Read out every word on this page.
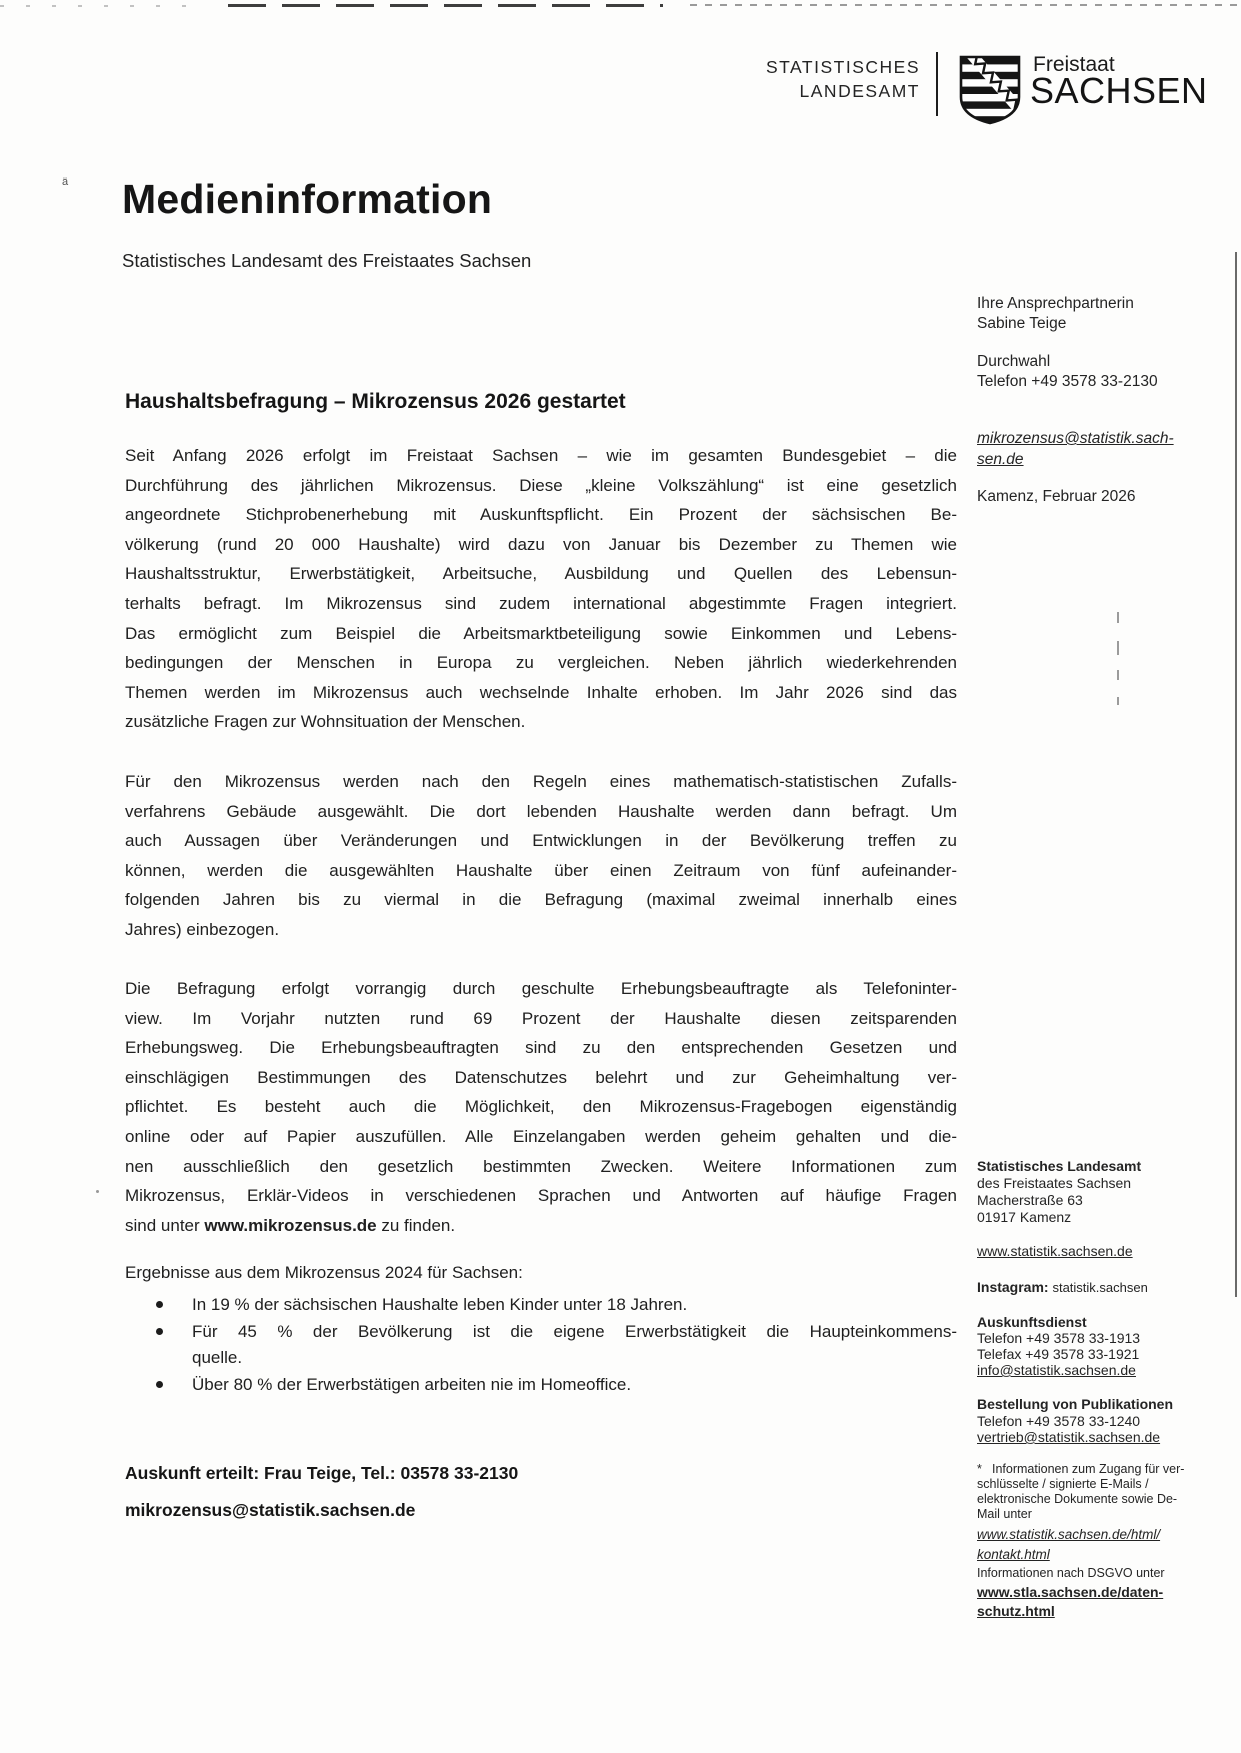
ä
STATISTISCHES
LANDESAMT
Freistaat
SACHSEN
Medieninformation
Statistisches Landesamt des Freistaates Sachsen
Ihre Ansprechpartnerin
Sabine Teige
Durchwahl
Telefon +49 3578 33-2130
mikrozensus@statistik.sach-
sen.de
Kamenz, Februar 2026
Haushaltsbefragung – Mikrozensus 2026 gestartet
Seit Anfang 2026 erfolgt im Freistaat Sachsen – wie im gesamten Bundesgebiet – die
Durchführung des jährlichen Mikrozensus. Diese „kleine Volkszählung“ ist eine gesetzlich
angeordnete Stichprobenerhebung mit Auskunftspflicht. Ein Prozent der sächsischen Be-
völkerung (rund 20 000 Haushalte) wird dazu von Januar bis Dezember zu Themen wie
Haushaltsstruktur, Erwerbstätigkeit, Arbeitsuche, Ausbildung und Quellen des Lebensun-
terhalts befragt. Im Mikrozensus sind zudem international abgestimmte Fragen integriert.
Das ermöglicht zum Beispiel die Arbeitsmarktbeteiligung sowie Einkommen und Lebens-
bedingungen der Menschen in Europa zu vergleichen. Neben jährlich wiederkehrenden
Themen werden im Mikrozensus auch wechselnde Inhalte erhoben. Im Jahr 2026 sind das
zusätzliche Fragen zur Wohnsituation der Menschen.
Für den Mikrozensus werden nach den Regeln eines mathematisch-statistischen Zufalls-
verfahrens Gebäude ausgewählt. Die dort lebenden Haushalte werden dann befragt. Um
auch Aussagen über Veränderungen und Entwicklungen in der Bevölkerung treffen zu
können, werden die ausgewählten Haushalte über einen Zeitraum von fünf aufeinander-
folgenden Jahren bis zu viermal in die Befragung (maximal zweimal innerhalb eines
Jahres) einbezogen.
Die Befragung erfolgt vorrangig durch geschulte Erhebungsbeauftragte als Telefoninter-
view. Im Vorjahr nutzten rund 69 Prozent der Haushalte diesen zeitsparenden
Erhebungsweg. Die Erhebungsbeauftragten sind zu den entsprechenden Gesetzen und
einschlägigen Bestimmungen des Datenschutzes belehrt und zur Geheimhaltung ver-
pflichtet. Es besteht auch die Möglichkeit, den Mikrozensus-Fragebogen eigenständig
online oder auf Papier auszufüllen. Alle Einzelangaben werden geheim gehalten und die-
nen ausschließlich den gesetzlich bestimmten Zwecken. Weitere Informationen zum
Mikrozensus, Erklär-Videos in verschiedenen Sprachen und Antworten auf häufige Fragen
sind unter www.mikrozensus.de zu finden.
Ergebnisse aus dem Mikrozensus 2024 für Sachsen:
In 19 % der sächsischen Haushalte leben Kinder unter 18 Jahren.
Für 45 % der Bevölkerung ist die eigene Erwerbstätigkeit die Haupteinkommens-
quelle.
Über 80 % der Erwerbstätigen arbeiten nie im Homeoffice.
Auskunft erteilt: Frau Teige, Tel.: 03578 33-2130
mikrozensus@statistik.sachsen.de
Statistisches Landesamt
des Freistaates Sachsen
Macherstraße 63
01917 Kamenz
www.statistik.sachsen.de
Instagram: statistik.sachsen
Auskunftsdienst
Telefon +49 3578 33-1913
Telefax +49 3578 33-1921
info@statistik.sachsen.de
Bestellung von Publikationen
Telefon +49 3578 33-1240
vertrieb@statistik.sachsen.de
* Informationen zum Zugang für ver-
schlüsselte / signierte E-Mails /
elektronische Dokumente sowie De-
Mail unter
www.statistik.sachsen.de/html/
kontakt.html
Informationen nach DSGVO unter
www.stla.sachsen.de/daten-
schutz.html
